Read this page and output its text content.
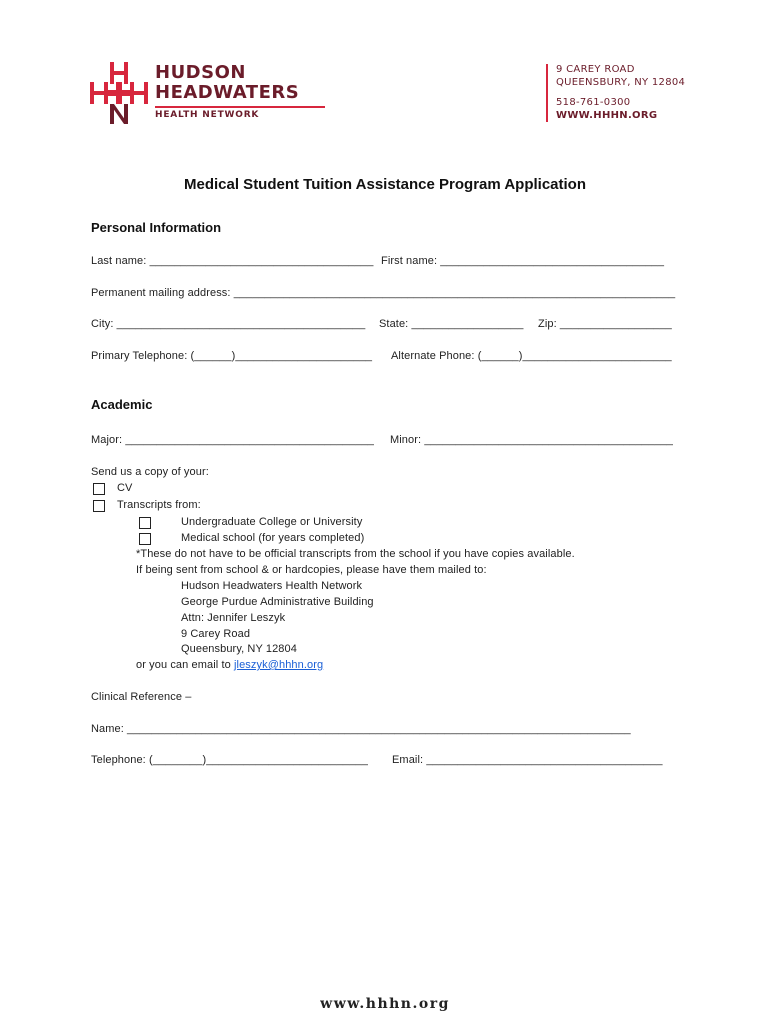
HUDSON
HEADWATERS
HEALTH NETWORK
9 CAREY ROAD
QUEENSBURY, NY 12804
518-761-0300
WWW.HHHN.ORG
Medical Student Tuition Assistance Program Application
Personal Information
Last name: ____________________________________ First name: ____________________________________
Permanent mailing address: _______________________________________________________________________
City: ________________________________________ State: __________________ Zip: __________________
Primary Telephone: (______)______________________ Alternate Phone: (______)________________________
Academic
Major: ________________________________________ Minor: ________________________________________
Send us a copy of your:
CV
Transcripts from:
Undergraduate College or University
Medical school (for years completed)
*These do not have to be official transcripts from the school if you have copies available.
If being sent from school & or hardcopies, please have them mailed to:
Hudson Headwaters Health Network
George Purdue Administrative Building
Attn: Jennifer Leszyk
9 Carey Road
Queensbury, NY 12804
or you can email to jleszyk@hhhn.org
Clinical Reference –
Name: _________________________________________________________________________________
Telephone: (________)__________________________ Email: ______________________________________
www.hhhn.org
